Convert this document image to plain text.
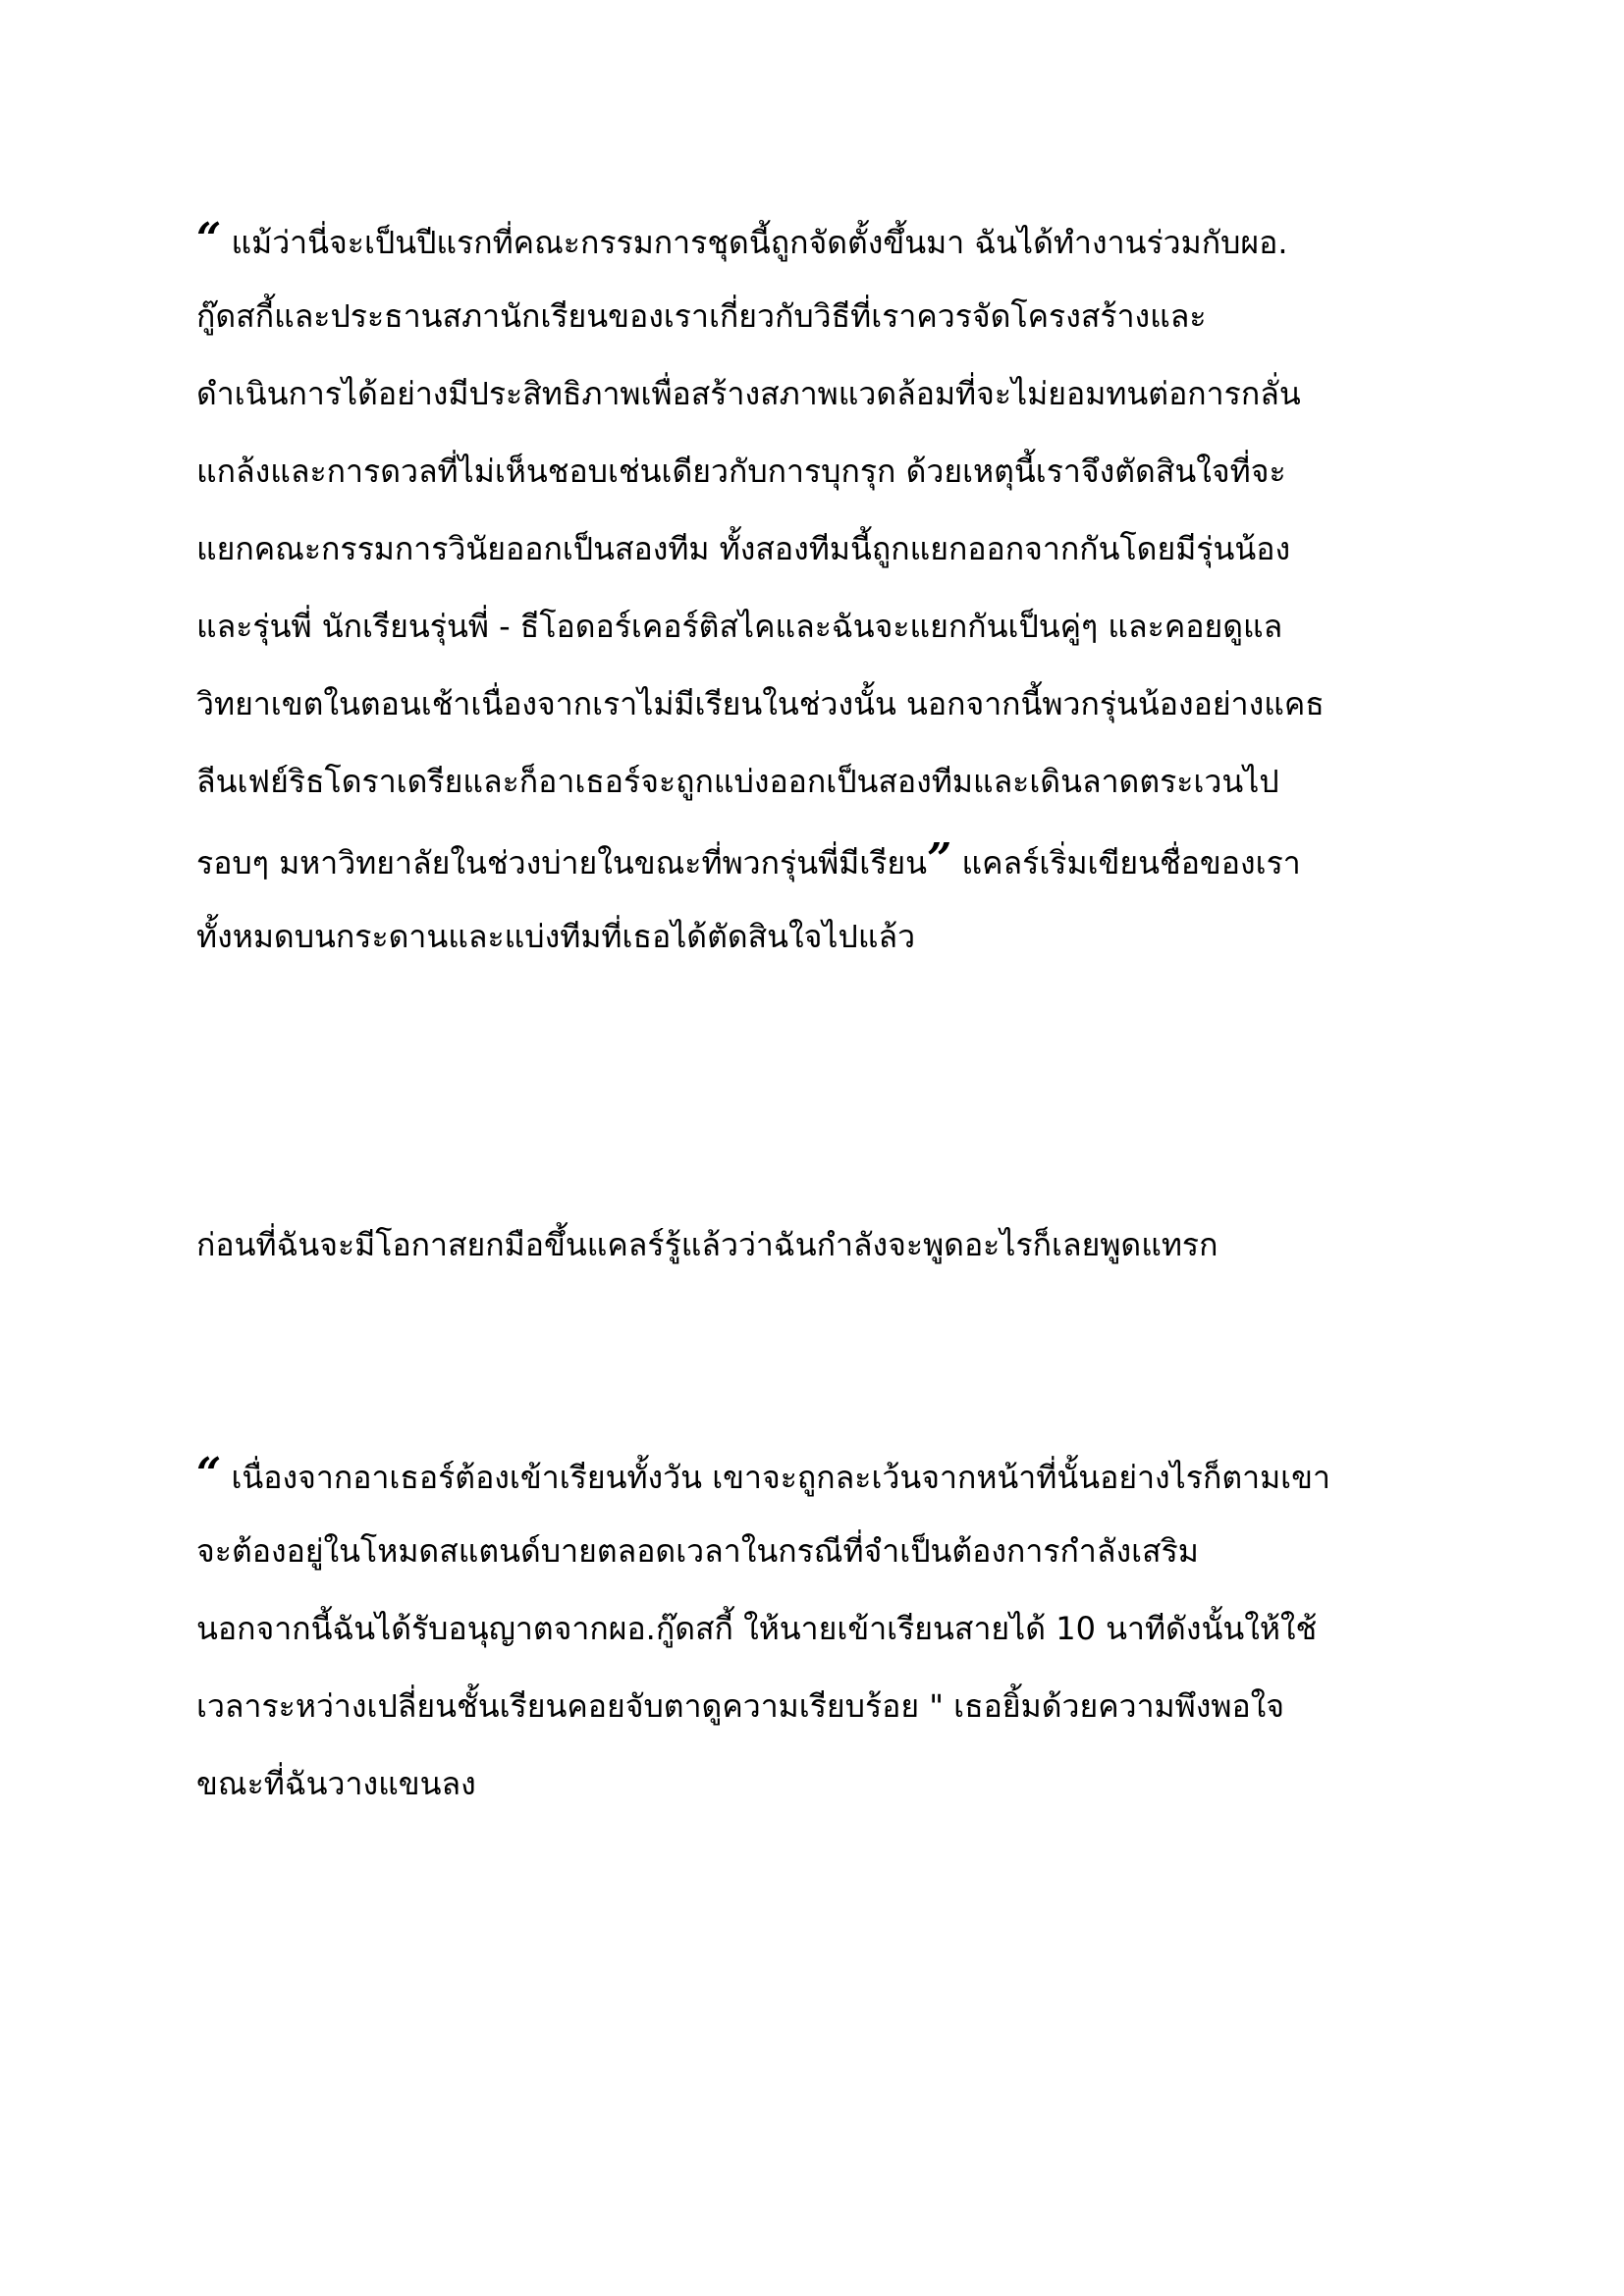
“ แม้ว่านี่จะเป็นปีแรกที่คณะกรรมการชุดนี้ถูกจัดตั้งขึ้นมา ฉันได้ทำงานร่วมกับผอ.
กู๊ดสกี้และประธานสภานักเรียนของเราเกี่ยวกับวิธีที่เราควรจัดโครงสร้างและ
ดำเนินการได้อย่างมีประสิทธิภาพเพื่อสร้างสภาพแวดล้อมที่จะไม่ยอมทนต่อการกลั่น
แกล้งและการดวลที่ไม่เห็นชอบเช่นเดียวกับการบุกรุก ด้วยเหตุนี้เราจึงตัดสินใจที่จะ
แยกคณะกรรมการวินัยออกเป็นสองทีม ทั้งสองทีมนี้ถูกแยกออกจากกันโดยมีรุ่นน้อง
และรุ่นพี่ นักเรียนรุ่นพี่ - ธีโอดอร์เคอร์ติสไคและฉันจะแยกกันเป็นคู่ๆ และคอยดูแล
วิทยาเขตในตอนเช้าเนื่องจากเราไม่มีเรียนในช่วงนั้น นอกจากนี้พวกรุ่นน้องอย่างแคธ
ลีนเฟย์ริธโดราเดรียและก็อาเธอร์จะถูกแบ่งออกเป็นสองทีมและเดินลาดตระเวนไป
รอบๆ มหาวิทยาลัยในช่วงบ่ายในขณะที่พวกรุ่นพี่มีเรียน” แคลร์เริ่มเขียนชื่อของเรา
ทั้งหมดบนกระดานและแบ่งทีมที่เธอได้ตัดสินใจไปแล้ว
ก่อนที่ฉันจะมีโอกาสยกมือขึ้นแคลร์รู้แล้วว่าฉันกำลังจะพูดอะไรก็เลยพูดแทรก
“ เนื่องจากอาเธอร์ต้องเข้าเรียนทั้งวัน เขาจะถูกละเว้นจากหน้าที่นั้นอย่างไรก็ตามเขา
จะต้องอยู่ในโหมดสแตนด์บายตลอดเวลาในกรณีที่จำเป็นต้องการกำลังเสริม
นอกจากนี้ฉันได้รับอนุญาตจากผอ.กู๊ดสกี้ ให้นายเข้าเรียนสายได้ 10 นาทีดังนั้นให้ใช้
เวลาระหว่างเปลี่ยนชั้นเรียนคอยจับตาดูความเรียบร้อย " เธอยิ้มด้วยความพึงพอใจ
ขณะที่ฉันวางแขนลง
